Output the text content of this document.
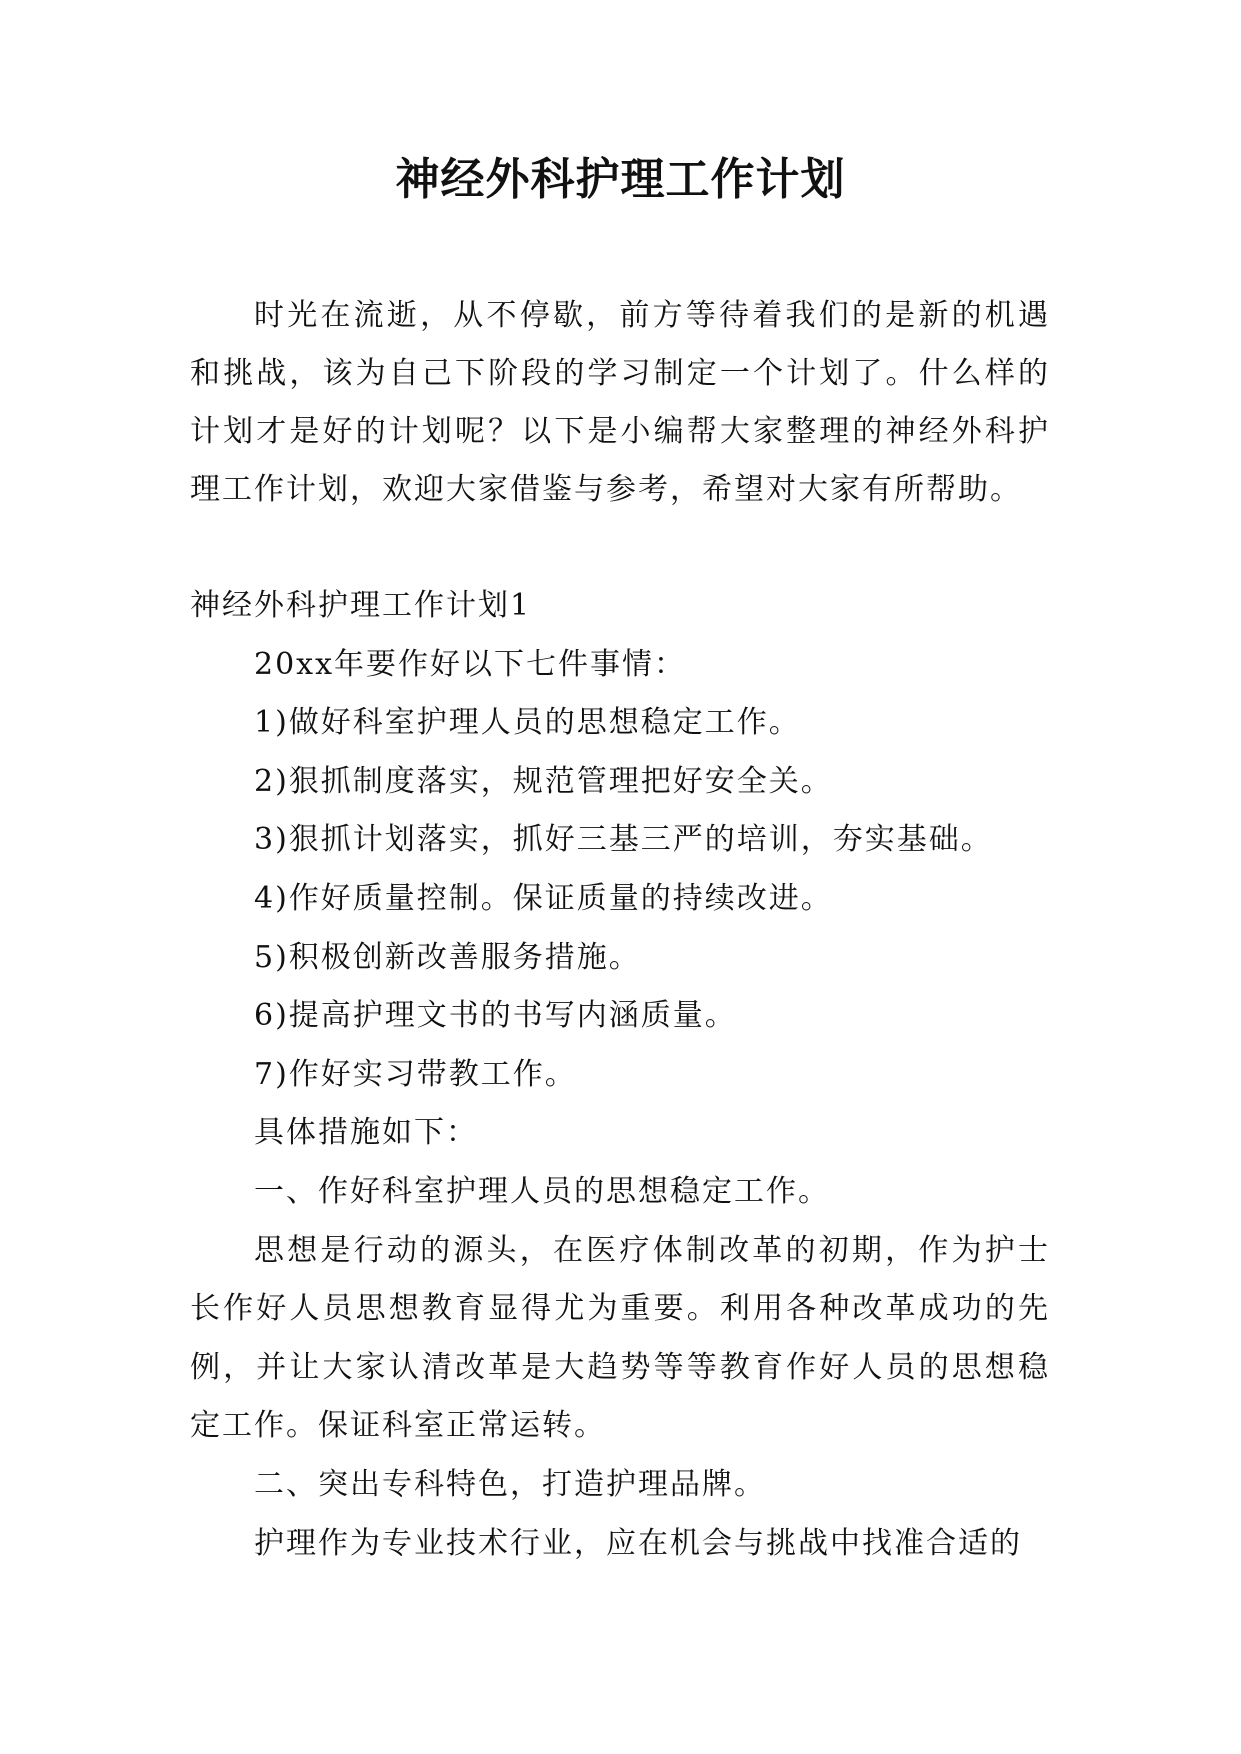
神经外科护理工作计划

时光在流逝，从不停歇，前方等待着我们的是新的机遇和挑战，该为自己下阶段的学习制定一个计划了。什么样的计划才是好的计划呢？以下是小编帮大家整理的神经外科护理工作计划，欢迎大家借鉴与参考，希望对大家有所帮助。

神经外科护理工作计划1

20xx年要作好以下七件事情：

1)做好科室护理人员的思想稳定工作。

2)狠抓制度落实，规范管理把好安全关。

3)狠抓计划落实，抓好三基三严的培训，夯实基础。

4)作好质量控制。保证质量的持续改进。

5)积极创新改善服务措施。

6)提高护理文书的书写内涵质量。

7)作好实习带教工作。

具体措施如下：

一、作好科室护理人员的思想稳定工作。

思想是行动的源头，在医疗体制改革的初期，作为护士长作好人员思想教育显得尤为重要。利用各种改革成功的先例，并让大家认清改革是大趋势等等教育作好人员的思想稳定工作。保证科室正常运转。

二、突出专科特色，打造护理品牌。

护理作为专业技术行业，应在机会与挑战中找准合适的
